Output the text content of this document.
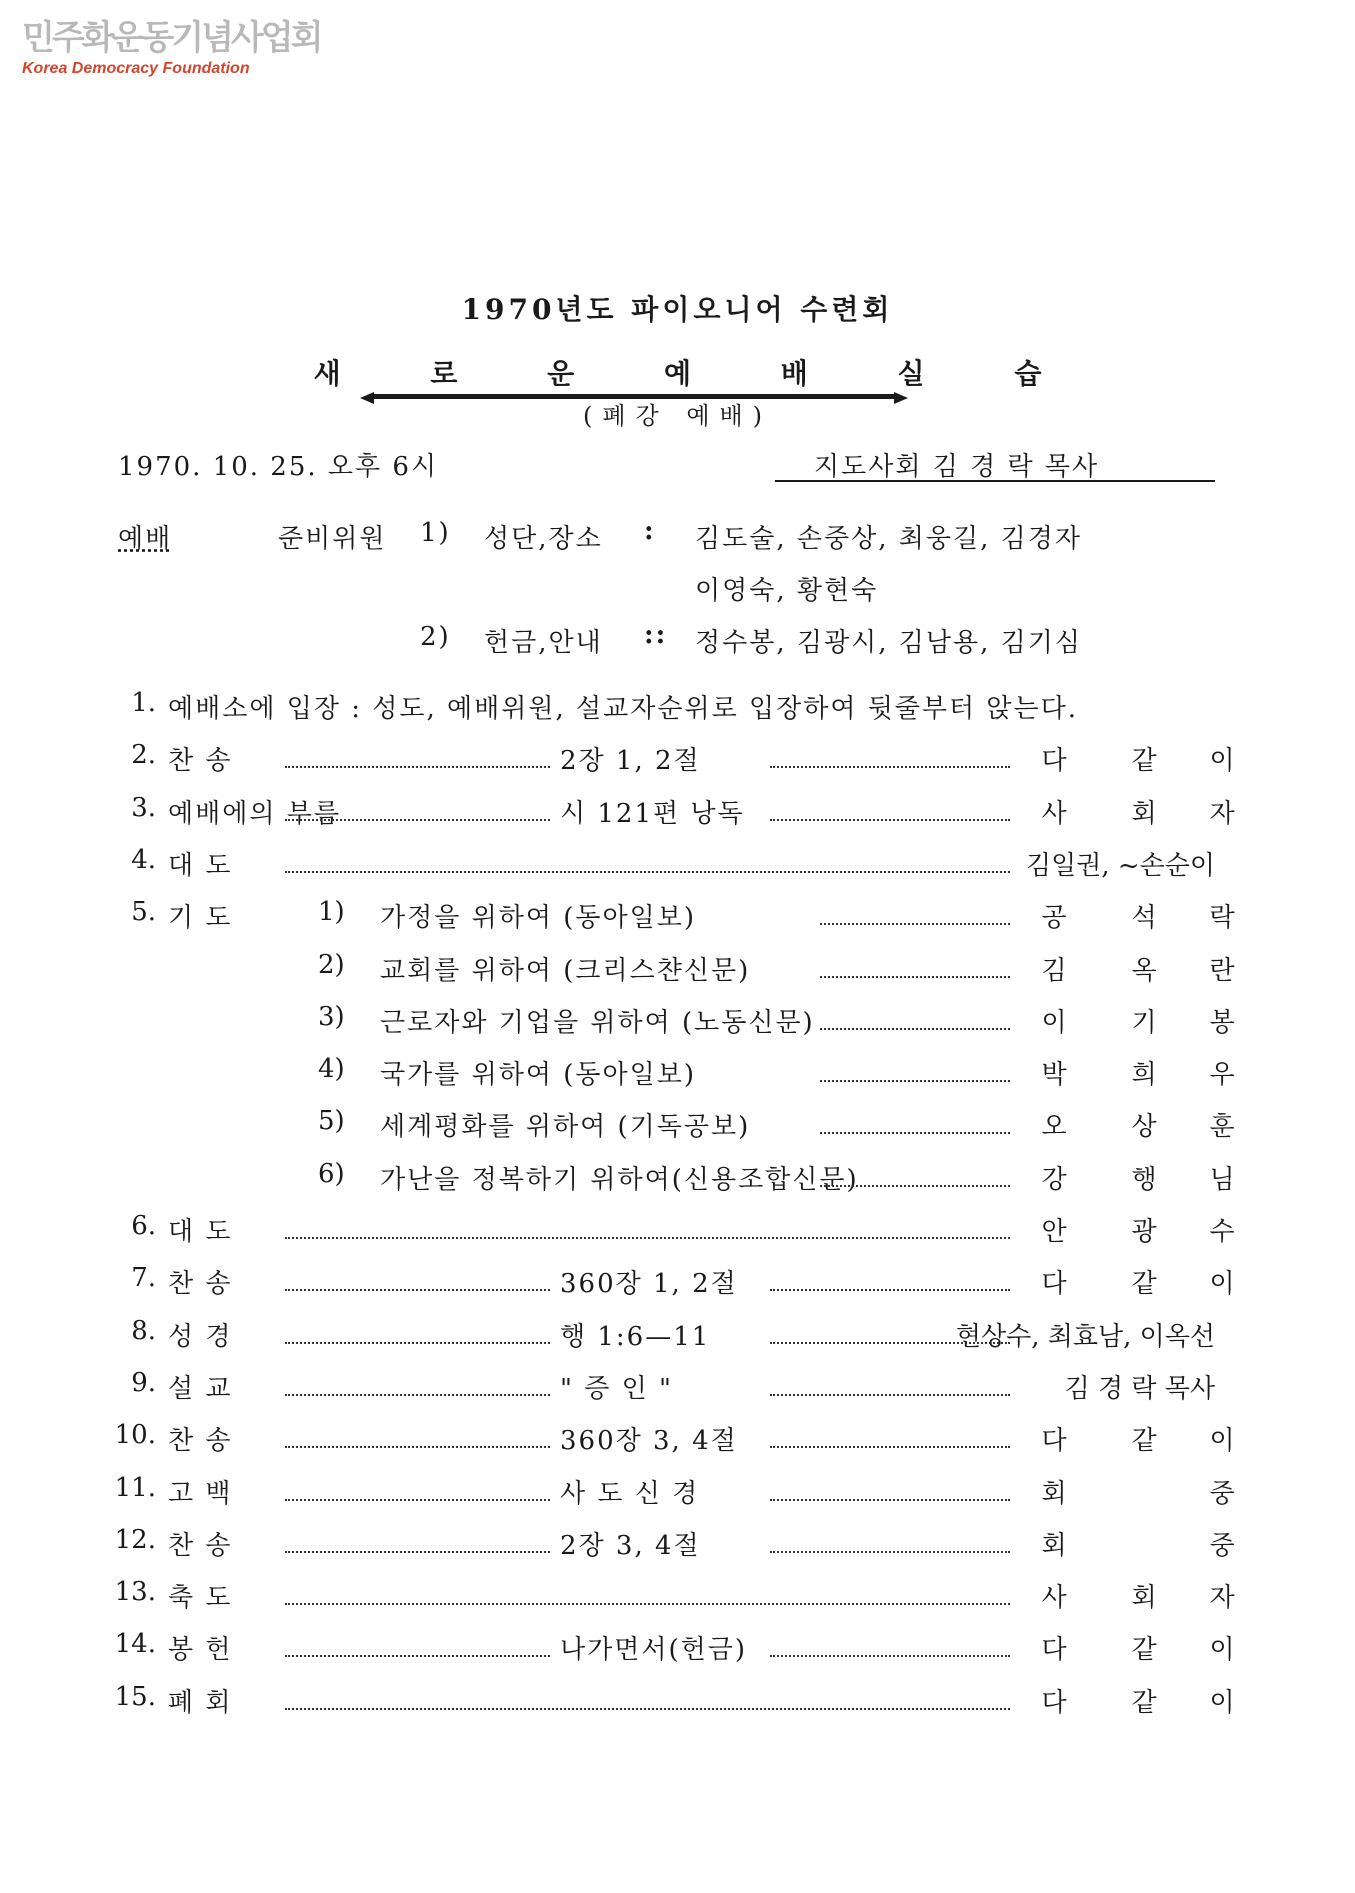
민주화운동기념사업회
Korea Democracy Foundation
1970년도 파이오니어 수련회
새 로 운 예 배 실 습
(폐강 예배)
1970. 10. 25. 오후 6시	지도사회 김 경 락 목사
예배	준비위원 1) 성단,장소 : 김도술, 손중상, 최웅길, 김경자
이영숙, 황현숙
2) 헌금,안내 :: 정수봉, 김광시, 김남용, 김기심
1. 예배소에 입장 : 성도, 예배위원, 설교자순위로 입장하여 뒷줄부터 앉는다.
2. 찬 송	2장 1, 2절	다 같 이
3. 예배에의 부름	시 121편 낭독	사 회 자
4. 대 도	김일권, ~손순이
5. 기 도	1) 가정을 위하여 (동아일보)	공 석 락
2) 교회를 위하여 (크리스챤신문)	김 옥 란
3) 근로자와 기업을 위하여 (노동신문)	이 기 봉
4) 국가를 위하여 (동아일보)	박 희 우
5) 세계평화를 위하여 (기독공보)	오 상 훈
6) 가난을 정복하기 위하여(신용조합신문)	강 행 님
6. 대 도	안 광 수
7. 찬 송	360장 1, 2절	다 같 이
8. 성 경	행 1:6—11	현상수, 최효남, 이옥선
9. 설 교	" 증 인 "	김 경 락 목사
10. 찬 송	360장 3, 4절	다 같 이
11. 고 백	사 도 신 경	회	중
12. 찬 송	2장 3, 4절	회	중
13. 축 도	사 회 자
14. 봉 헌	나가면서(헌금)	다 같 이
15. 폐 회	다 같 이
